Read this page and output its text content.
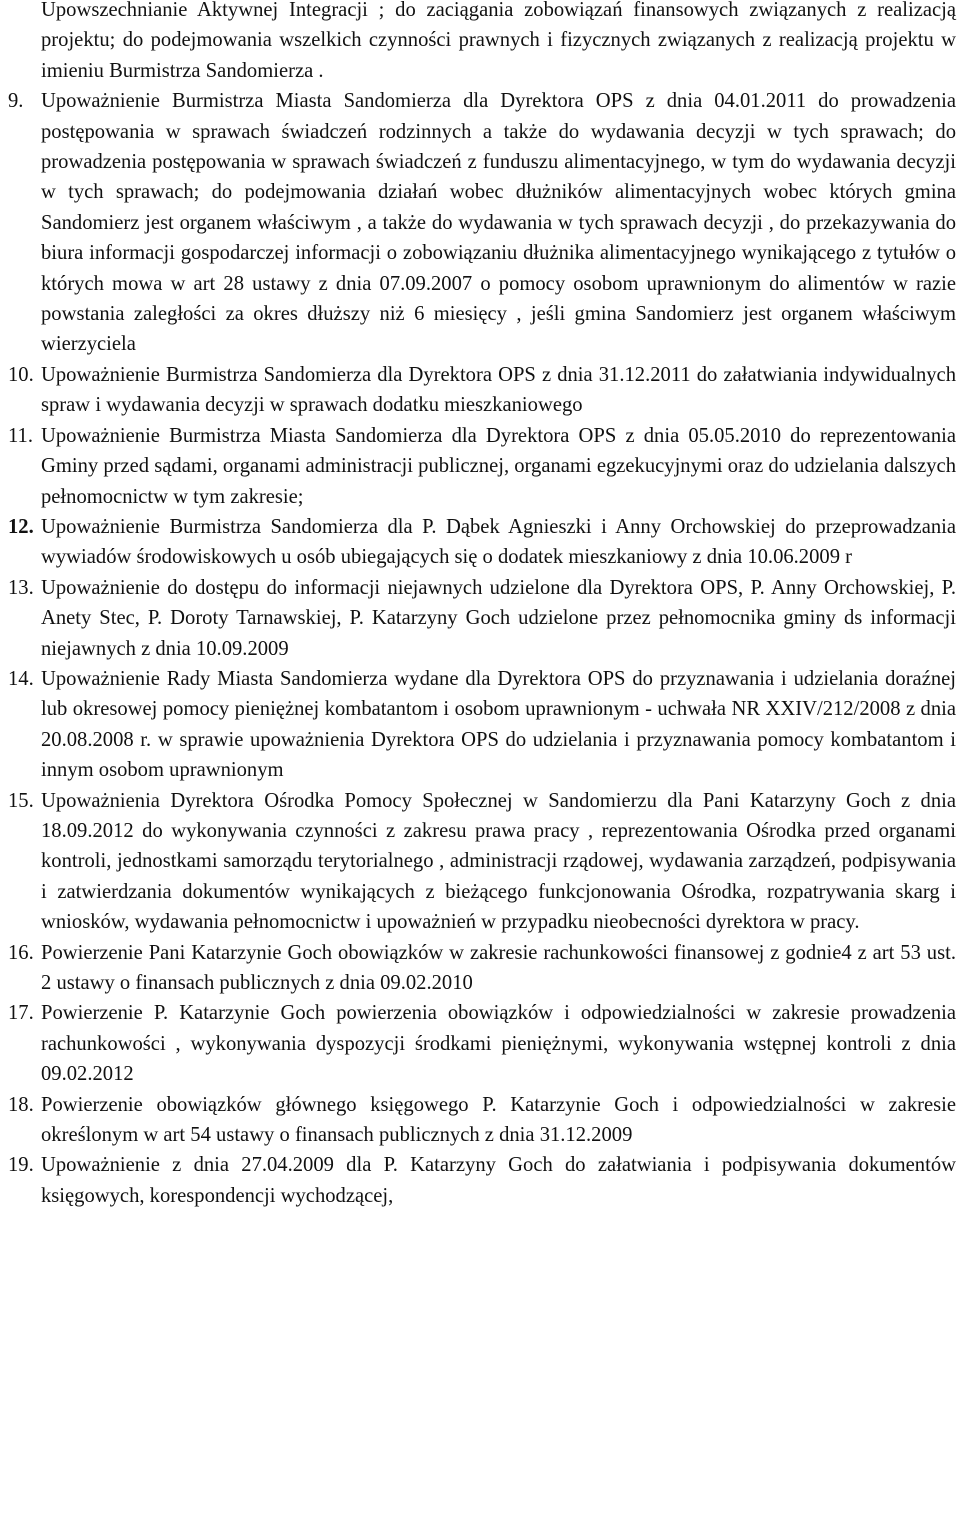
Upowszechnianie Aktywnej Integracji ; do zaciągania zobowiązań finansowych związanych z realizacją projektu; do podejmowania wszelkich czynności prawnych i fizycznych związanych z realizacją projektu w imieniu Burmistrza Sandomierza .
9. Upoważnienie Burmistrza Miasta Sandomierza dla Dyrektora OPS z dnia 04.01.2011 do prowadzenia postępowania w sprawach świadczeń rodzinnych a także do wydawania decyzji w tych sprawach; do prowadzenia postępowania w sprawach świadczeń z funduszu alimentacyjnego, w tym do wydawania decyzji w tych sprawach; do podejmowania działań wobec dłużników alimentacyjnych wobec których gmina Sandomierz jest organem właściwym , a także do wydawania w tych sprawach decyzji , do przekazywania do biura informacji gospodarczej informacji o zobowiązaniu dłużnika alimentacyjnego wynikającego z tytułów o których mowa w art 28 ustawy z dnia 07.09.2007 o pomocy osobom uprawnionym do alimentów w razie powstania zaległości za okres dłuższy niż 6 miesięcy , jeśli gmina Sandomierz jest organem właściwym wierzyciela
10. Upoważnienie Burmistrza Sandomierza dla Dyrektora OPS z dnia 31.12.2011 do załatwiania indywidualnych spraw i wydawania decyzji w sprawach dodatku mieszkaniowego
11. Upoważnienie Burmistrza Miasta Sandomierza dla Dyrektora OPS z dnia 05.05.2010 do reprezentowania Gminy przed sądami, organami administracji publicznej, organami egzekucyjnymi oraz do udzielania dalszych pełnomocnictw w tym zakresie;
12. Upoważnienie Burmistrza Sandomierza dla P. Dąbek Agnieszki i Anny Orchowskiej do przeprowadzania wywiadów środowiskowych u osób ubiegających się o dodatek mieszkaniowy z dnia 10.06.2009 r
13. Upoważnienie do dostępu do informacji niejawnych udzielone dla Dyrektora OPS, P. Anny Orchowskiej, P. Anety Stec, P. Doroty Tarnawskiej, P. Katarzyny Goch udzielone przez pełnomocnika gminy ds informacji niejawnych z dnia 10.09.2009
14. Upoważnienie Rady Miasta Sandomierza wydane dla Dyrektora OPS do przyznawania i udzielania doraźnej lub okresowej pomocy pieniężnej kombatantom i osobom uprawnionym - uchwała NR XXIV/212/2008 z dnia 20.08.2008 r. w sprawie upoważnienia Dyrektora OPS do udzielania i przyznawania pomocy kombatantom i innym osobom uprawnionym
15. Upoważnienia Dyrektora Ośrodka Pomocy Społecznej w Sandomierzu dla Pani Katarzyny Goch z dnia 18.09.2012 do wykonywania czynności z zakresu prawa pracy , reprezentowania Ośrodka przed organami kontroli, jednostkami samorządu terytorialnego , administracji rządowej, wydawania zarządzeń, podpisywania i zatwierdzania dokumentów wynikających z bieżącego funkcjonowania Ośrodka, rozpatrywania skarg i wniosków, wydawania pełnomocnictw i upoważnień w przypadku nieobecności dyrektora w pracy.
16. Powierzenie Pani Katarzynie Goch obowiązków w zakresie rachunkowości finansowej z godnie4 z art 53 ust. 2 ustawy o finansach publicznych z dnia 09.02.2010
17. Powierzenie P. Katarzynie Goch powierzenia obowiązków i odpowiedzialności w zakresie prowadzenia rachunkowości , wykonywania dyspozycji środkami pieniężnymi, wykonywania wstępnej kontroli z dnia 09.02.2012
18. Powierzenie obowiązków głównego księgowego P. Katarzynie Goch i odpowiedzialności w zakresie określonym w art 54 ustawy o finansach publicznych z dnia 31.12.2009
19. Upoważnienie z dnia 27.04.2009 dla P. Katarzyny Goch do załatwiania i podpisywania dokumentów księgowych, korespondencji wychodzącej,
